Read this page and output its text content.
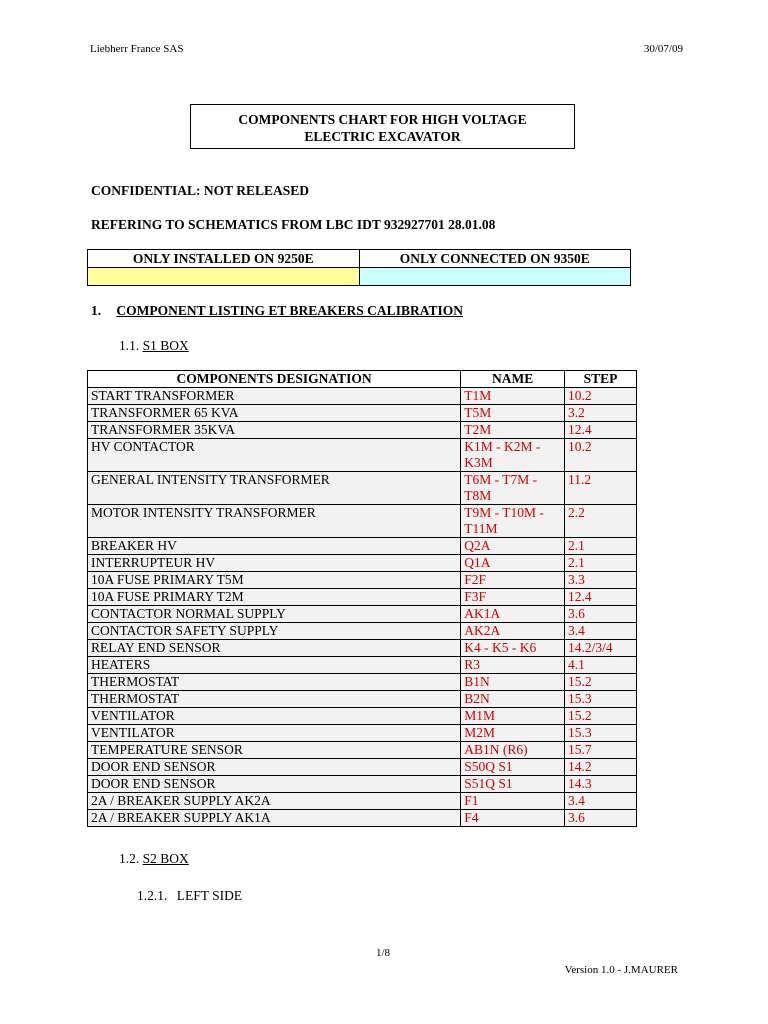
Liebherr France SAS	30/07/09
COMPONENTS CHART FOR HIGH VOLTAGE
ELECTRIC EXCAVATOR
CONFIDENTIAL: NOT RELEASED
REFERING TO SCHEMATICS FROM LBC IDT 932927701 28.01.08
ONLY INSTALLED ON 9250E	ONLY CONNECTED ON 9350E

1. COMPONENT LISTING ET BREAKERS CALIBRATION
1.1. S1 BOX
COMPONENTS DESIGNATION	NAME	STEP
START TRANSFORMER	T1M	10.2
TRANSFORMER 65 KVA	T5M	3.2
TRANSFORMER 35KVA	T2M	12.4
HV CONTACTOR	K1M - K2M - K3M	10.2
GENERAL INTENSITY TRANSFORMER	T6M - T7M - T8M	11.2
MOTOR INTENSITY TRANSFORMER	T9M - T10M - T11M	2.2
BREAKER HV	Q2A	2.1
INTERRUPTEUR HV	Q1A	2.1
10A FUSE PRIMARY T5M	F2F	3.3
10A FUSE PRIMARY T2M	F3F	12.4
CONTACTOR NORMAL SUPPLY	AK1A	3.6
CONTACTOR SAFETY SUPPLY	AK2A	3.4
RELAY END SENSOR	K4 - K5 - K6	14.2/3/4
HEATERS	R3	4.1
THERMOSTAT	B1N	15.2
THERMOSTAT	B2N	15.3
VENTILATOR	M1M	15.2
VENTILATOR	M2M	15.3
TEMPERATURE SENSOR	AB1N (R6)	15.7
DOOR END SENSOR	S50Q S1	14.2
DOOR END SENSOR	S51Q S1	14.3
2A / BREAKER SUPPLY AK2A	F1	3.4
2A / BREAKER SUPPLY AK1A	F4	3.6
1.2. S2 BOX
1.2.1. LEFT SIDE
1/8
Version 1.0 - J.MAURER
